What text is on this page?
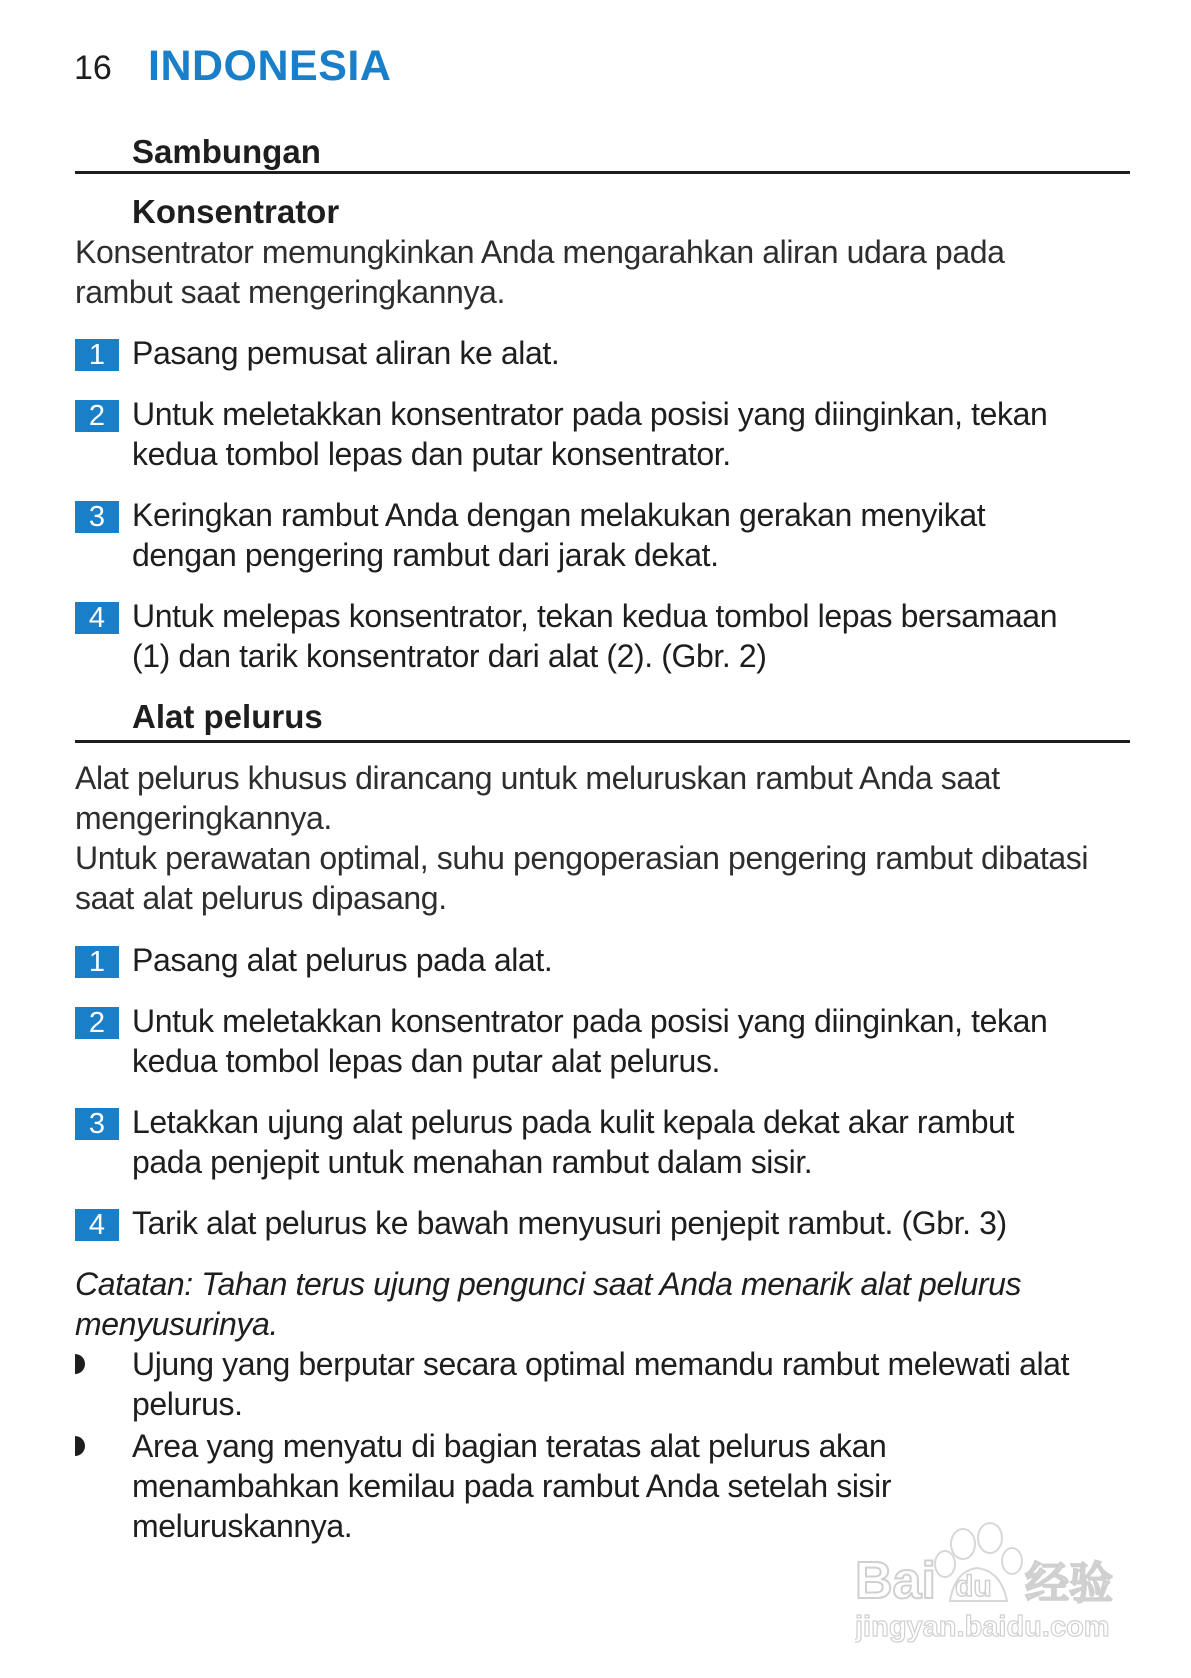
16 INDONESIA
Sambungan
Konsentrator
Konsentrator memungkinkan Anda mengarahkan aliran udara pada
rambut saat mengeringkannya.
1 Pasang pemusat aliran ke alat.
2 Untuk meletakkan konsentrator pada posisi yang diinginkan, tekan
kedua tombol lepas dan putar konsentrator.
3 Keringkan rambut Anda dengan melakukan gerakan menyikat
dengan pengering rambut dari jarak dekat.
4 Untuk melepas konsentrator, tekan kedua tombol lepas bersamaan
(1) dan tarik konsentrator dari alat (2). (Gbr. 2)
Alat pelurus
Alat pelurus khusus dirancang untuk meluruskan rambut Anda saat
mengeringkannya.
Untuk perawatan optimal, suhu pengoperasian pengering rambut dibatasi
saat alat pelurus dipasang.
1 Pasang alat pelurus pada alat.
2 Untuk meletakkan konsentrator pada posisi yang diinginkan, tekan
kedua tombol lepas dan putar alat pelurus.
3 Letakkan ujung alat pelurus pada kulit kepala dekat akar rambut
pada penjepit untuk menahan rambut dalam sisir.
4 Tarik alat pelurus ke bawah menyusuri penjepit rambut. (Gbr. 3)
Catatan: Tahan terus ujung pengunci saat Anda menarik alat pelurus
menyusurinya.
Ujung yang berputar secara optimal memandu rambut melewati alat
pelurus.
Area yang menyatu di bagian teratas alat pelurus akan
menambahkan kemilau pada rambut Anda setelah sisir
meluruskannya.
Bai du 经验
jingyan.baidu.com
